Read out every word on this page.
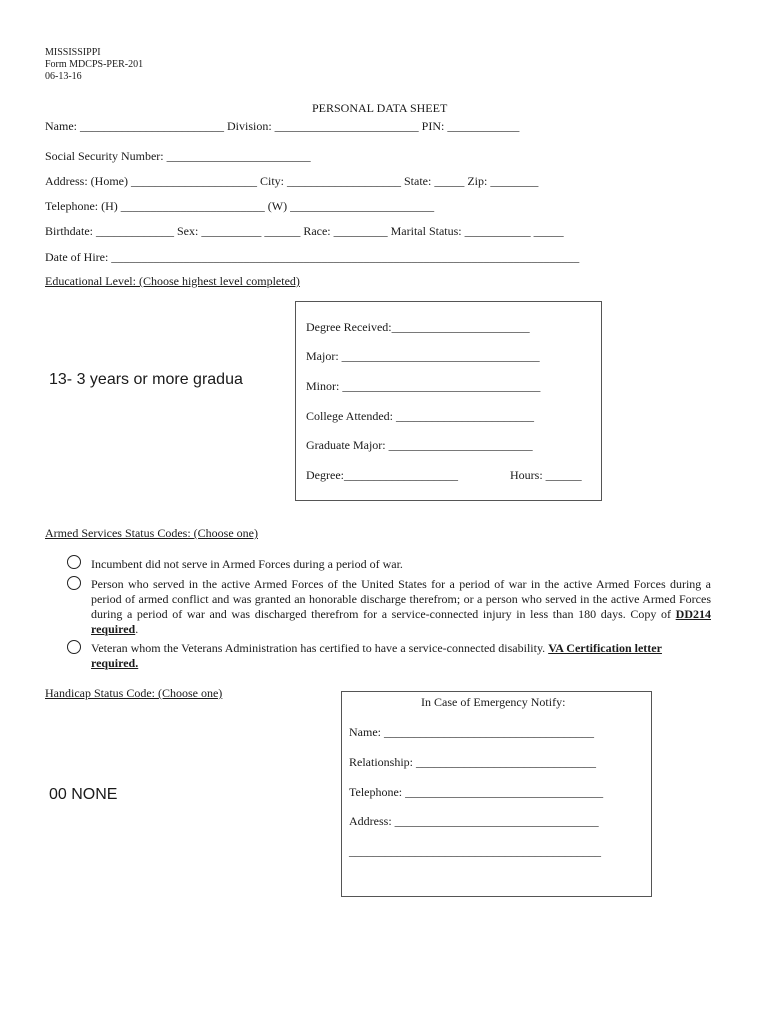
MISSISSIPPI
Form MDCPS-PER-201
06-13-16
PERSONAL DATA SHEET
Name: ________________________ Division: ________________________ PIN: ____________
Social Security Number: ________________________
Address: (Home) _____________________ City: ___________________ State: _____ Zip: ________
Telephone: (H) ________________________ (W) ________________________
Birthdate: _____________ Sex: __________ ______ Race: _________ Marital Status: ___________ _____
Date of Hire: ______________________________________________________________________________
Educational Level: (Choose highest level completed)
13- 3 years or more gradua
Degree Received:_______________________
Major: _________________________________
Minor: _________________________________
College Attended: _______________________
Graduate Major: ________________________
Degree:___________________	Hours: ______
Armed Services Status Codes: (Choose one)
Incumbent did not serve in Armed Forces during a period of war.
Person who served in the active Armed Forces of the United States for a period of war in the active Armed Forces during a period of armed conflict and was granted an honorable discharge therefrom; or a person who served in the active Armed Forces during a period of war and was discharged therefrom for a service-connected injury in less than 180 days. Copy of DD214 required.
Veteran whom the Veterans Administration has certified to have a service-connected disability. VA Certification letter required.
Handicap Status Code: (Choose one)
00 NONE
In Case of Emergency Notify:
Name: ___________________________________
Relationship: ______________________________
Telephone: _________________________________
Address: __________________________________
__________________________________________
